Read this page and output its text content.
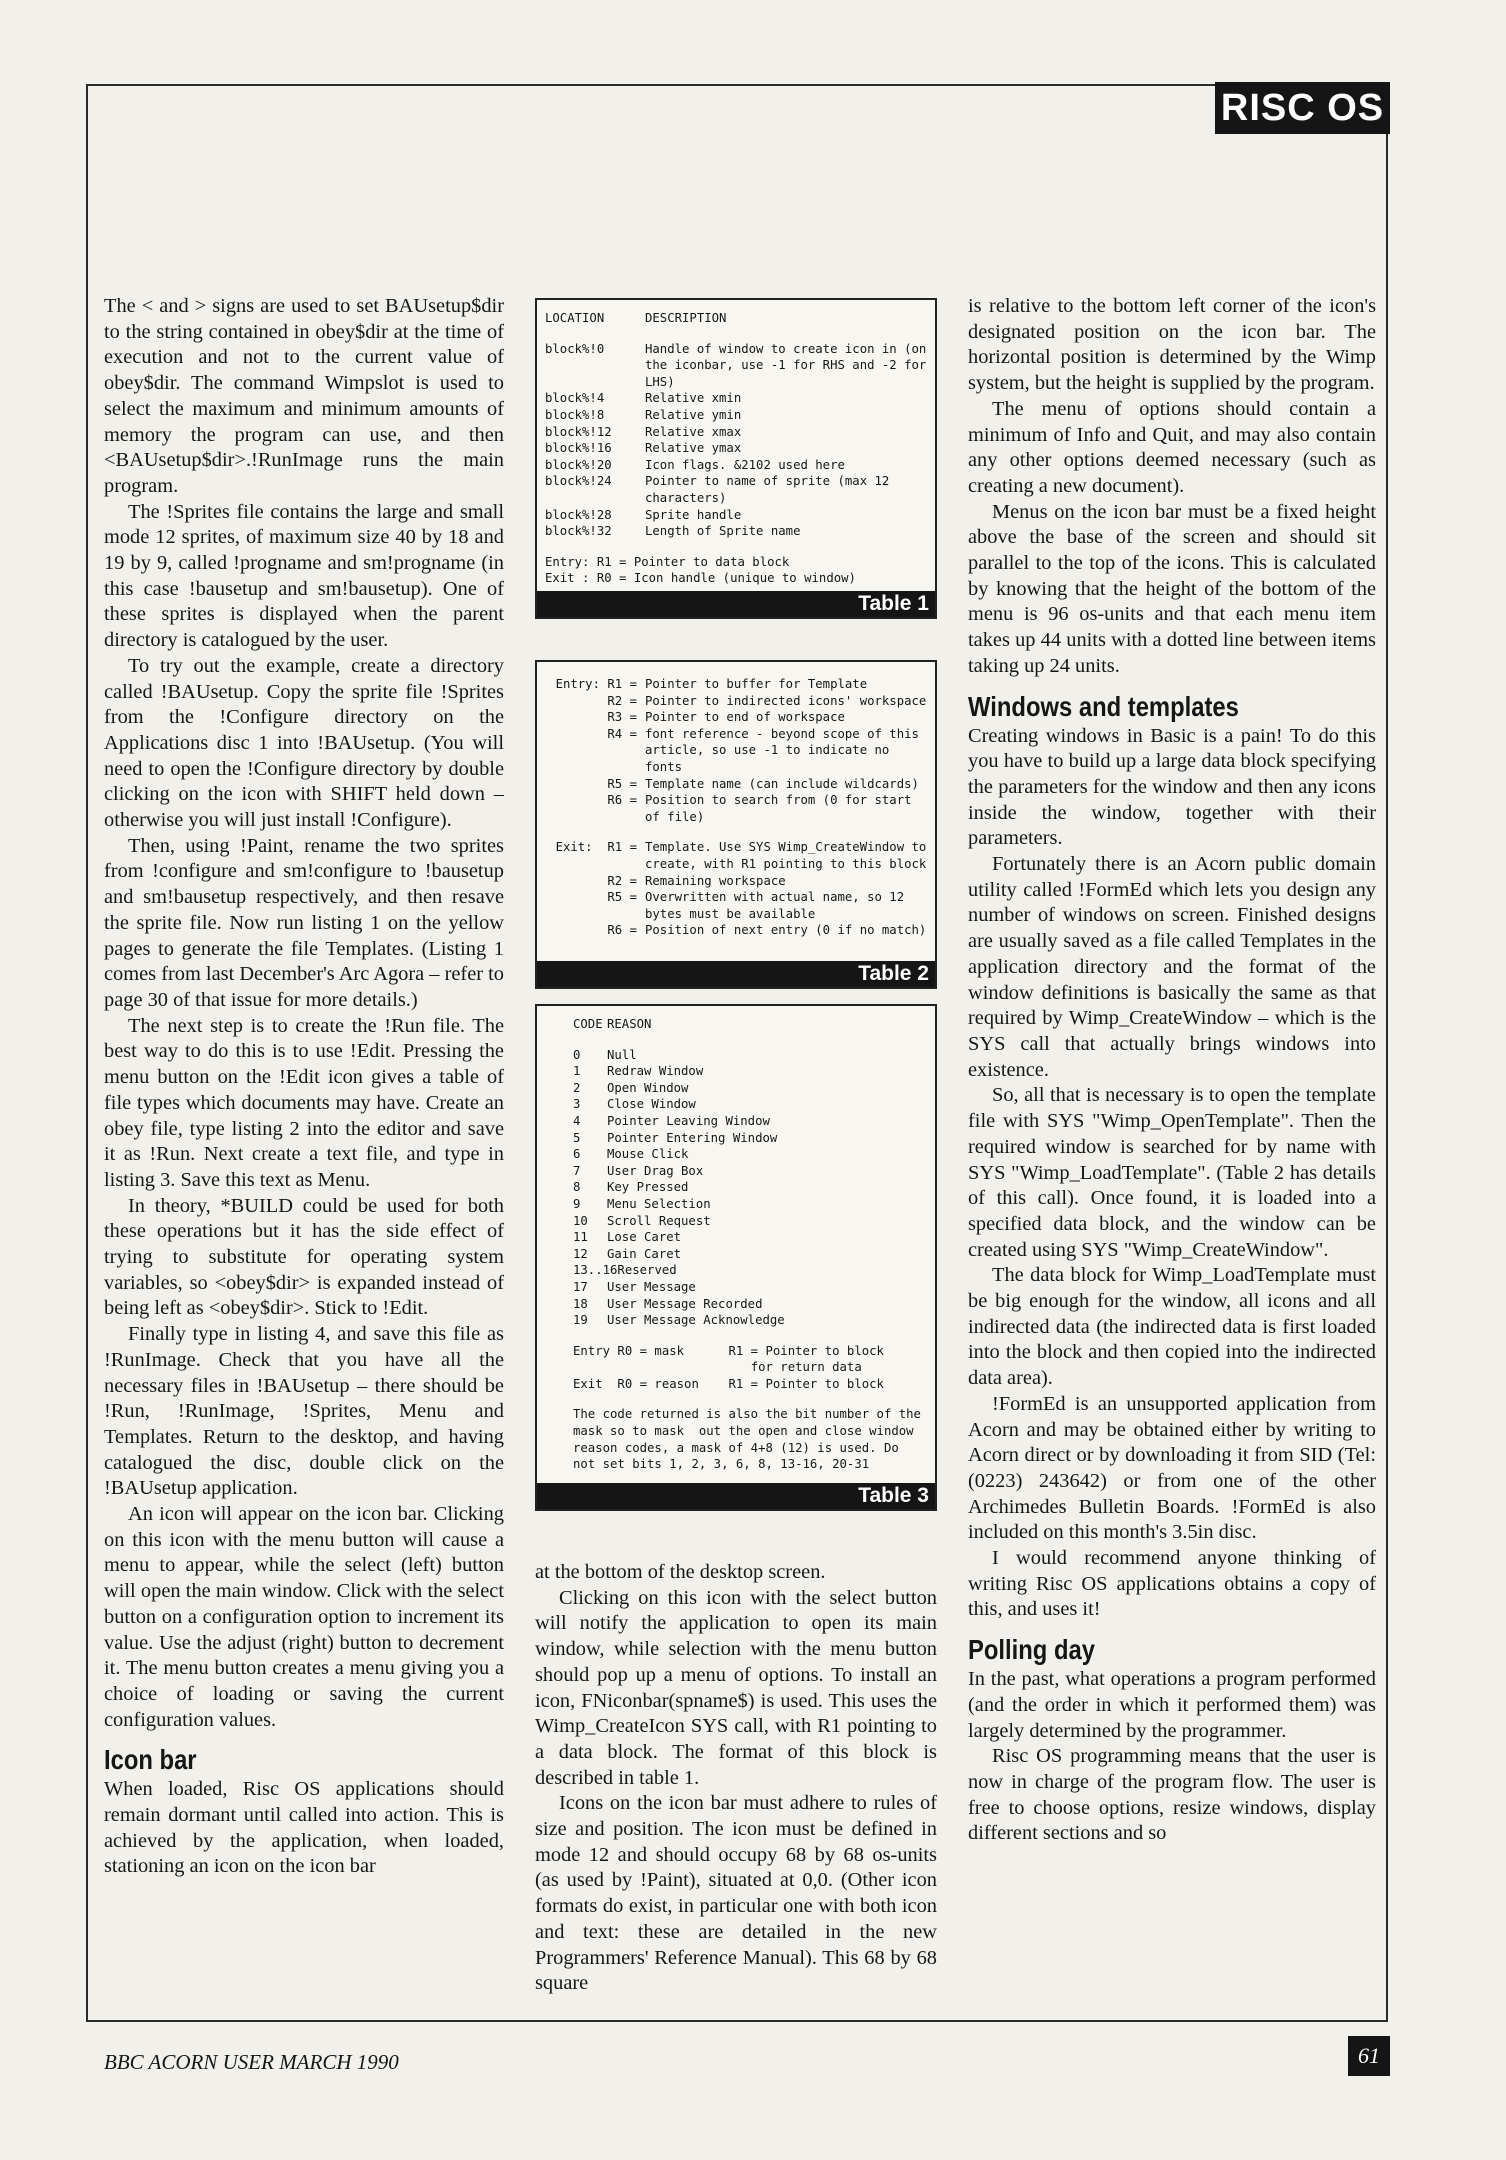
RISC OS

The < and > signs are used to set BAUsetup$dir to the string contained in obey$dir at the time of execution and not to the current value of obey$dir. The command Wimpslot is used to select the maximum and minimum amounts of memory the program can use, and then <BAUsetup$dir>.!RunImage runs the main program.

The !Sprites file contains the large and small mode 12 sprites, of maximum size 40 by 18 and 19 by 9, called !progname and sm!progname (in this case !bausetup and sm!bausetup). One of these sprites is displayed when the parent directory is catalogued by the user.

To try out the example, create a directory called !BAUsetup. Copy the sprite file !Sprites from the !Configure directory on the Applications disc 1 into !BAUsetup. (You will need to open the !Configure directory by double clicking on the icon with SHIFT held down – otherwise you will just install !Configure).

Then, using !Paint, rename the two sprites from !configure and sm!configure to !bausetup and sm!bausetup respectively, and then resave the sprite file. Now run listing 1 on the yellow pages to generate the file Templates. (Listing 1 comes from last December's Arc Agora – refer to page 30 of that issue for more details.)

The next step is to create the !Run file. The best way to do this is to use !Edit. Pressing the menu button on the !Edit icon gives a table of file types which documents may have. Create an obey file, type listing 2 into the editor and save it as !Run. Next create a text file, and type in listing 3. Save this text as Menu.

In theory, *BUILD could be used for both these operations but it has the side effect of trying to substitute for operating system variables, so <obey$dir> is expanded instead of being left as <obey$dir>. Stick to !Edit.

Finally type in listing 4, and save this file as !RunImage. Check that you have all the necessary files in !BAUsetup – there should be !Run, !RunImage, !Sprites, Menu and Templates. Return to the desktop, and having catalogued the disc, double click on the !BAUsetup application.

An icon will appear on the icon bar. Clicking on this icon with the menu button will cause a menu to appear, while the select (left) button will open the main window. Click with the select button on a configuration option to increment its value. Use the adjust (right) button to decrement it. The menu button creates a menu giving you a choice of loading or saving the current configuration values.

Icon bar

When loaded, Risc OS applications should remain dormant until called into action. This is achieved by the application, when loaded, stationing an icon on the icon bar

LOCATION	DESCRIPTION
block%!0	Handle of window to create icon in (on the iconbar, use -1 for RHS and -2 for LHS)
block%!4	Relative xmin
block%!8	Relative ymin
block%!12	Relative xmax
block%!16	Relative ymax
block%!20	Icon flags. &2102 used here
block%!24	Pointer to name of sprite (max 12 characters)
block%!28	Sprite handle
block%!32	Length of Sprite name
Entry: R1 = Pointer to data block
Exit : R0 = Icon handle (unique to window)
Table 1
Entry: R1 = Pointer to buffer for Template
R2 = Pointer to indirected icons' workspace
R3 = Pointer to end of workspace
R4 = font reference - beyond scope of this article, so use -1 to indicate no fonts
R5 = Template name (can include wildcards)
R6 = Position to search from (0 for start of file)
Exit:  R1 = Template. Use SYS Wimp_CreateWindow to create, with R1 pointing to this block
R2 = Remaining workspace
R5 = Overwritten with actual name, so 12 bytes must be available
R6 = Position of next entry (0 if no match)
Table 2
CODE REASON
0	Null
1	Redraw Window
2	Open Window
3	Close Window
4	Pointer Leaving Window
5	Pointer Entering Window
6	Mouse Click
7	User Drag Box
8	Key Pressed
9	Menu Selection
10	Scroll Request
11	Lose Caret
12	Gain Caret
13..16 Reserved
17	User Message
18	User Message Recorded
19	User Message Acknowledge
Entry R0 = mask      R1 = Pointer to block
for return data
Exit  R0 = reason    R1 = Pointer to block
The code returned is also the bit number of the mask so to mask  out the open and close window reason codes, a mask of 4+8 (12) is used. Do not set bits 1, 2, 3, 6, 8, 13-16, 20-31
Table 3

at the bottom of the desktop screen.

Clicking on this icon with the select button will notify the application to open its main window, while selection with the menu button should pop up a menu of options. To install an icon, FNiconbar(spname$) is used. This uses the Wimp_CreateIcon SYS call, with R1 pointing to a data block. The format of this block is described in table 1.

Icons on the icon bar must adhere to rules of size and position. The icon must be defined in mode 12 and should occupy 68 by 68 os-units (as used by !Paint), situated at 0,0. (Other icon formats do exist, in particular one with both icon and text: these are detailed in the new Programmers' Reference Manual). This 68 by 68 square

is relative to the bottom left corner of the icon's designated position on the icon bar. The horizontal position is determined by the Wimp system, but the height is supplied by the program.

The menu of options should contain a minimum of Info and Quit, and may also contain any other options deemed necessary (such as creating a new document).

Menus on the icon bar must be a fixed height above the base of the screen and should sit parallel to the top of the icons. This is calculated by knowing that the height of the bottom of the menu is 96 os-units and that each menu item takes up 44 units with a dotted line between items taking up 24 units.

Windows and templates

Creating windows in Basic is a pain! To do this you have to build up a large data block specifying the parameters for the window and then any icons inside the window, together with their parameters.

Fortunately there is an Acorn public domain utility called !FormEd which lets you design any number of windows on screen. Finished designs are usually saved as a file called Templates in the application directory and the format of the window definitions is basically the same as that required by Wimp_CreateWindow – which is the SYS call that actually brings windows into existence.

So, all that is necessary is to open the template file with SYS "Wimp_OpenTemplate". Then the required window is searched for by name with SYS "Wimp_LoadTemplate". (Table 2 has details of this call). Once found, it is loaded into a specified data block, and the window can be created using SYS "Wimp_CreateWindow".

The data block for Wimp_LoadTemplate must be big enough for the window, all icons and all indirected data (the indirected data is first loaded into the block and then copied into the indirected data area).

!FormEd is an unsupported application from Acorn and may be obtained either by writing to Acorn direct or by downloading it from SID (Tel: (0223) 243642) or from one of the other Archimedes Bulletin Boards. !FormEd is also included on this month's 3.5in disc.

I would recommend anyone thinking of writing Risc OS applications obtains a copy of this, and uses it!

Polling day

In the past, what operations a program performed (and the order in which it performed them) was largely determined by the programmer.

Risc OS programming means that the user is now in charge of the program flow. The user is free to choose options, resize windows, display different sections and so

BBC ACORN USER MARCH 1990	61
